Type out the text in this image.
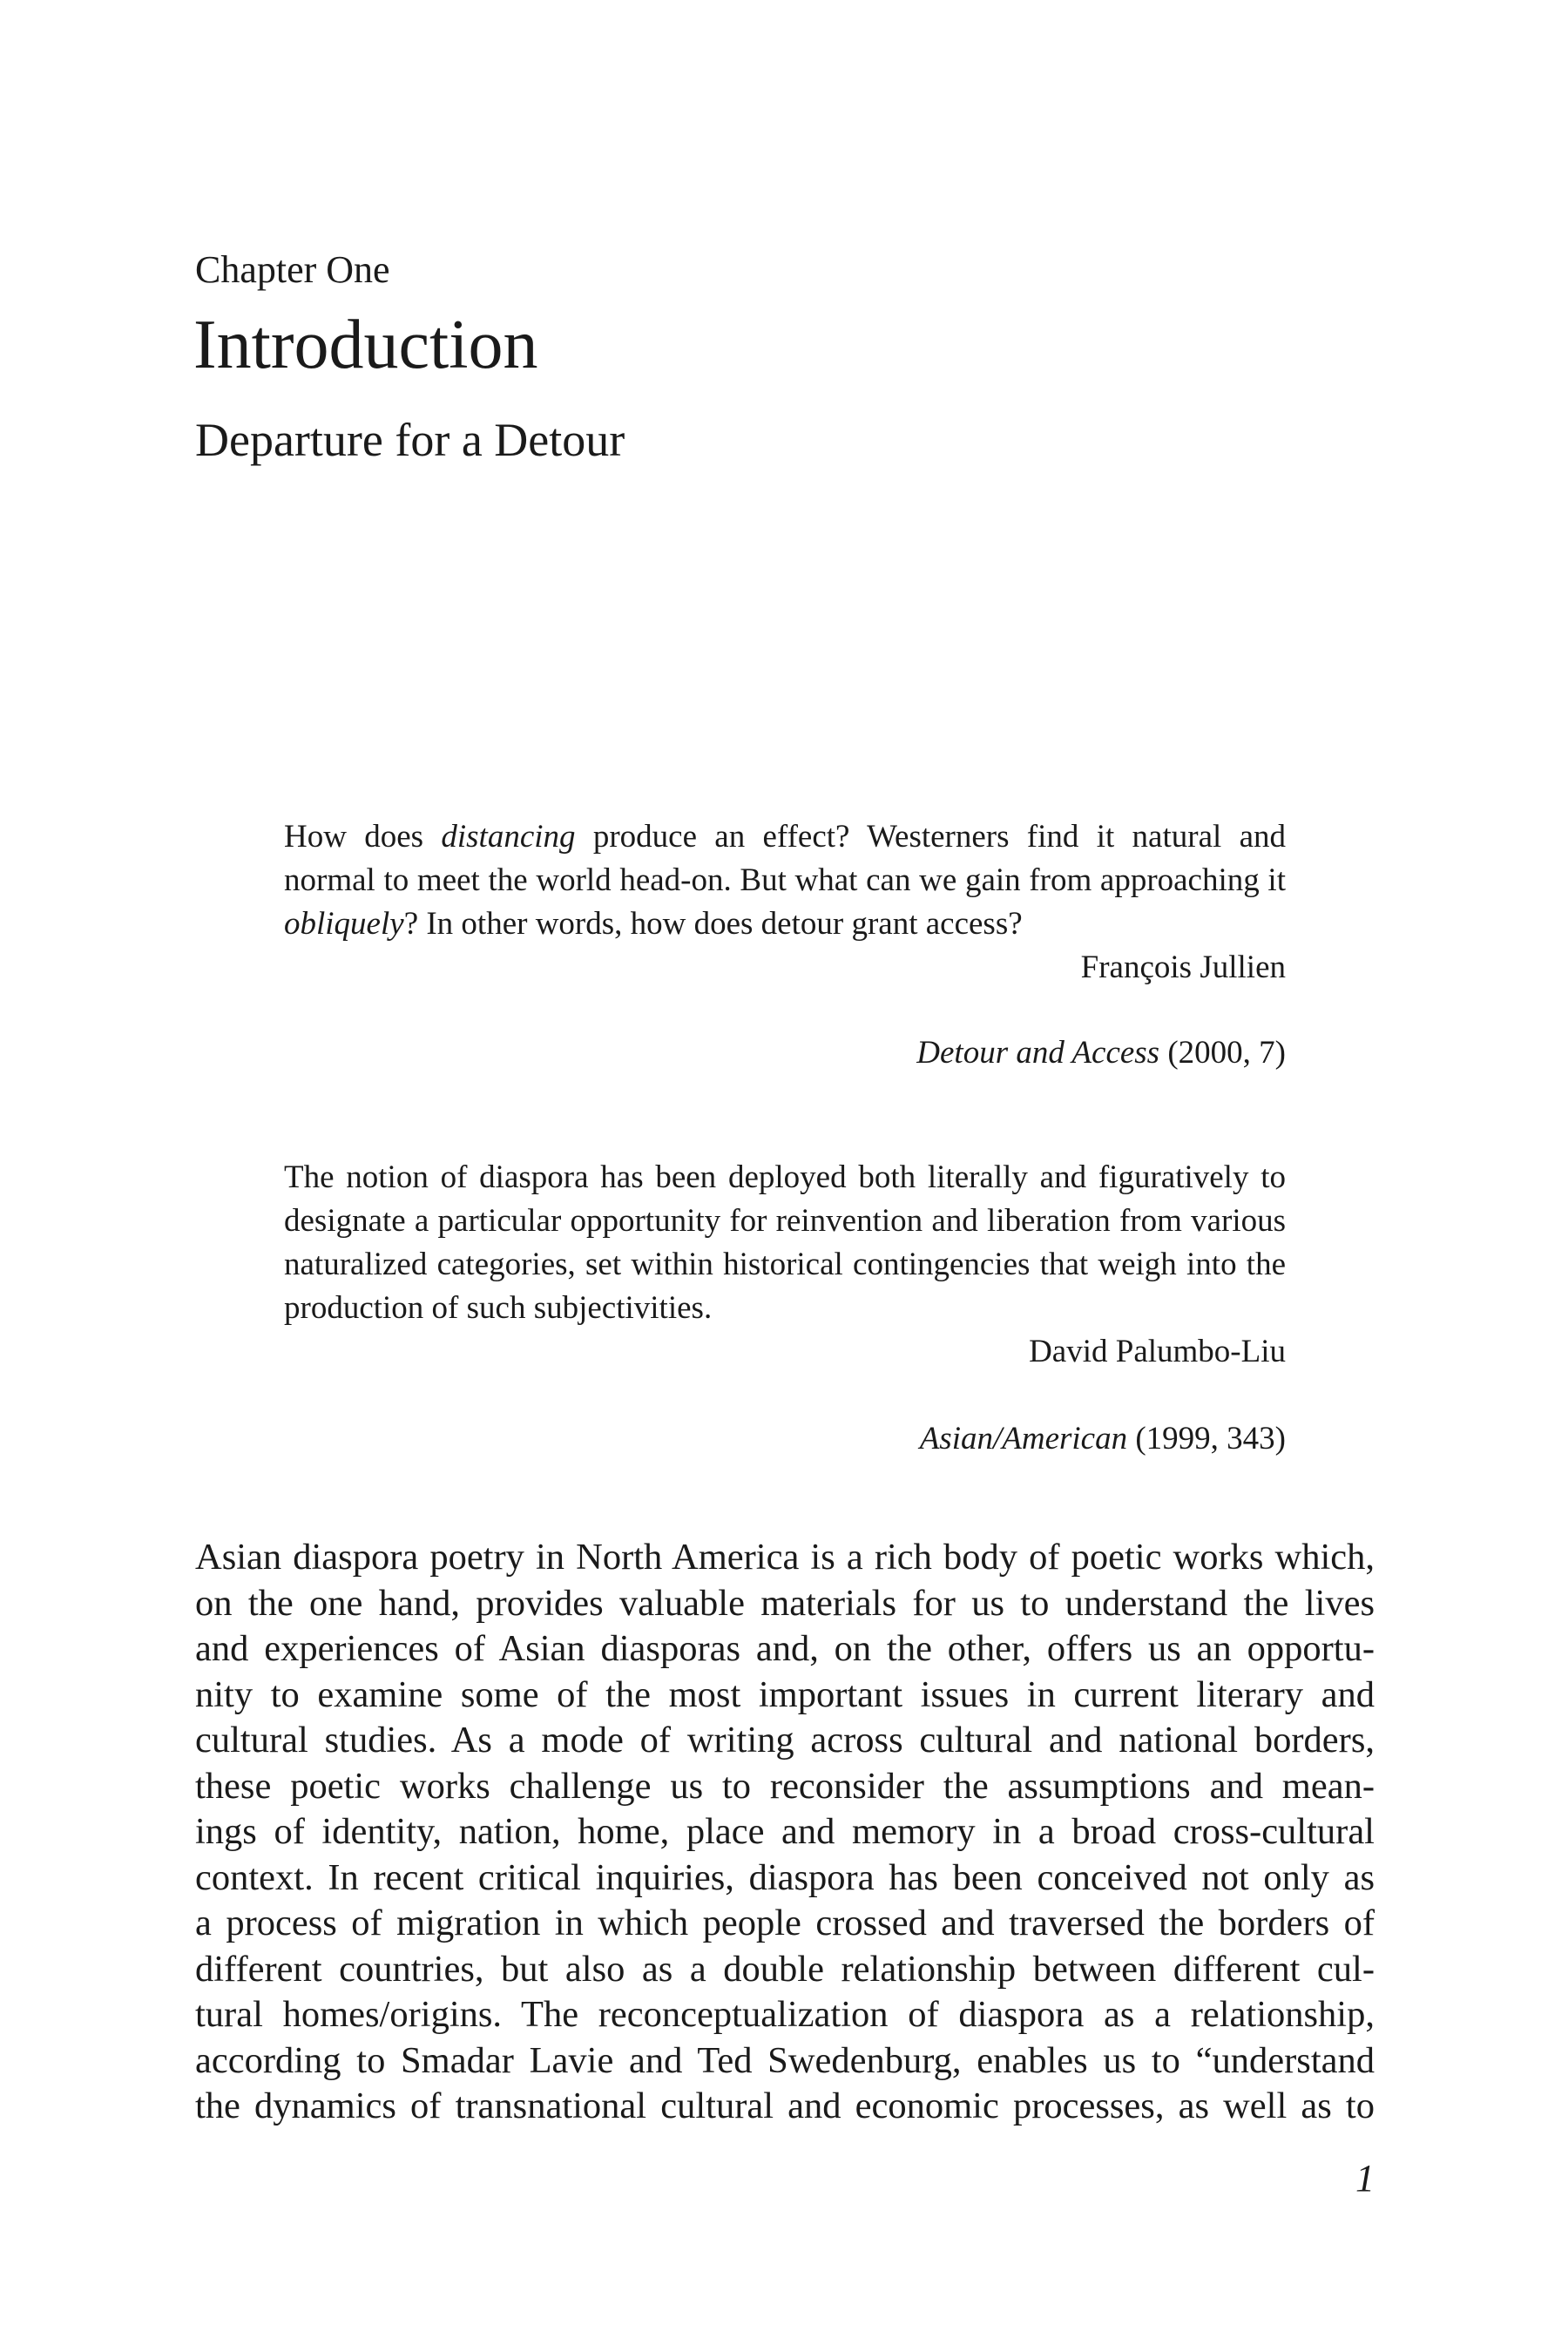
Chapter One
Introduction
Departure for a Detour

How does distancing produce an effect? Westerners find it natural and normal to meet the world head-on. But what can we gain from approaching it obliquely? In other words, how does detour grant access?

François Jullien

Detour and Access (2000, 7)

The notion of diaspora has been deployed both literally and figuratively to designate a particular opportunity for reinvention and liberation from various naturalized categories, set within historical contingencies that weigh into the production of such subjectivities.

David Palumbo-Liu

Asian/American (1999, 343)

Asian diaspora poetry in North America is a rich body of poetic works which,
on the one hand, provides valuable materials for us to understand the lives
and experiences of Asian diasporas and, on the other, offers us an opportu-
nity to examine some of the most important issues in current literary and
cultural studies. As a mode of writing across cultural and national borders,
these poetic works challenge us to reconsider the assumptions and mean-
ings of identity, nation, home, place and memory in a broad cross-cultural
context. In recent critical inquiries, diaspora has been conceived not only as
a process of migration in which people crossed and traversed the borders of
different countries, but also as a double relationship between different cul-
tural homes/origins. The reconceptualization of diaspora as a relationship,
according to Smadar Lavie and Ted Swedenburg, enables us to “understand
the dynamics of transnational cultural and economic processes, as well as to

1
